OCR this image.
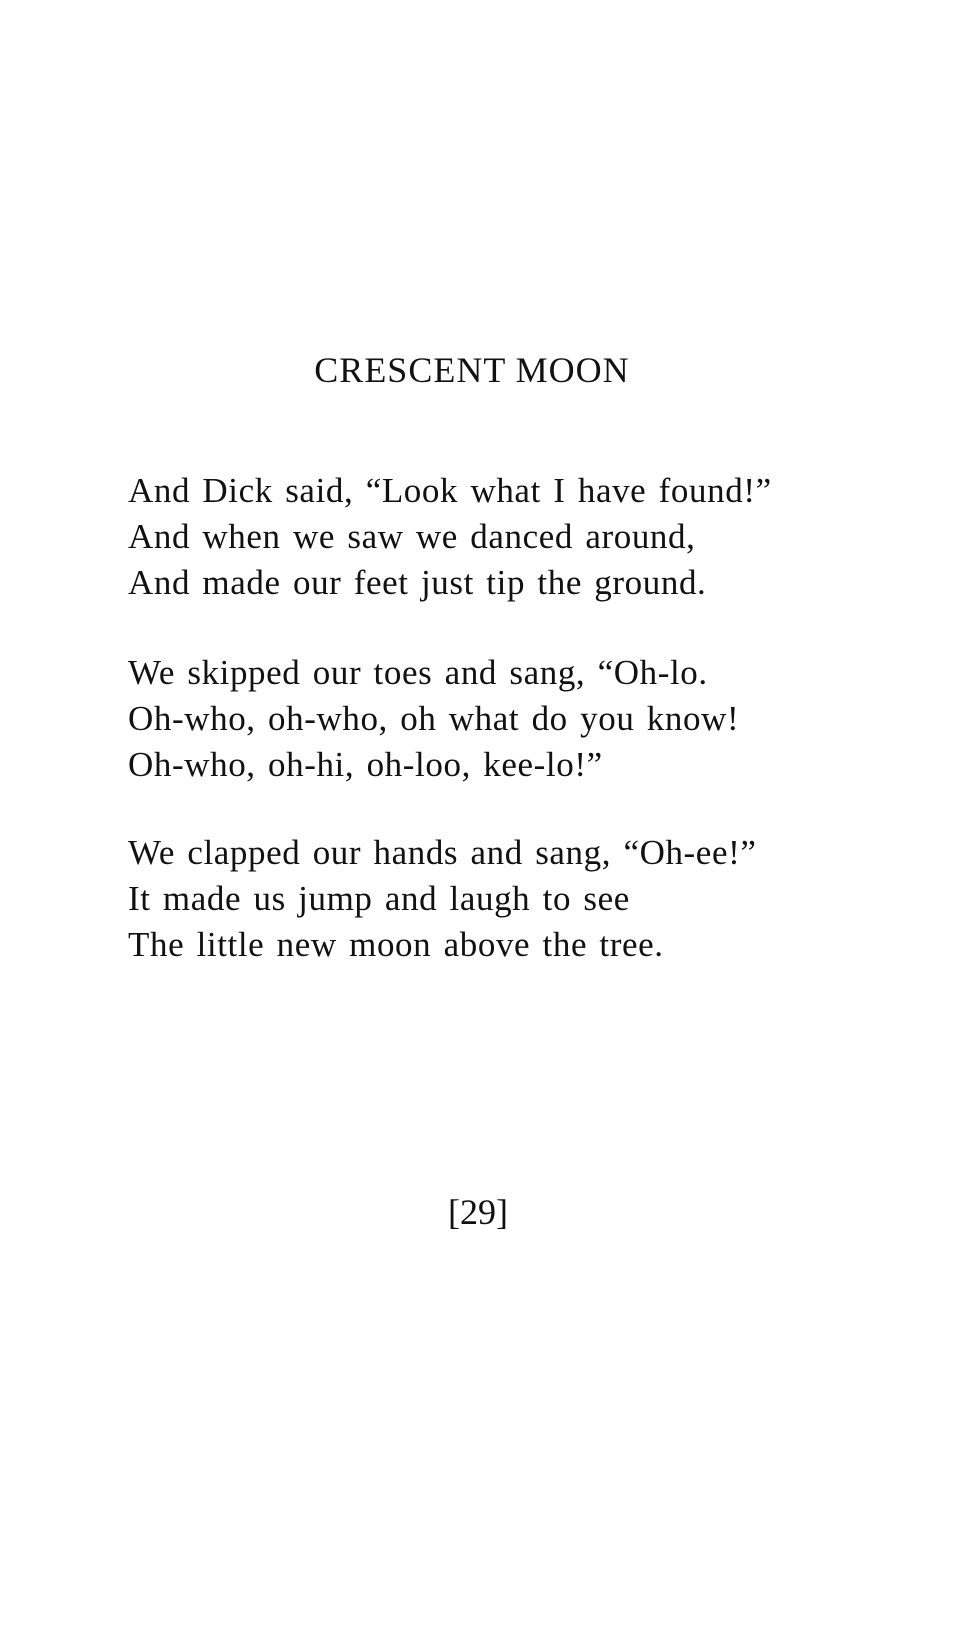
CRESCENT MOON
And Dick said, “Look what I have found!”
And when we saw we danced around,
And made our feet just tip the ground.
We skipped our toes and sang, “Oh-lo.
Oh-who, oh-who, oh what do you know!
Oh-who, oh-hi, oh-loo, kee-lo!”
We clapped our hands and sang, “Oh-ee!”
It made us jump and laugh to see
The little new moon above the tree.
[29]
